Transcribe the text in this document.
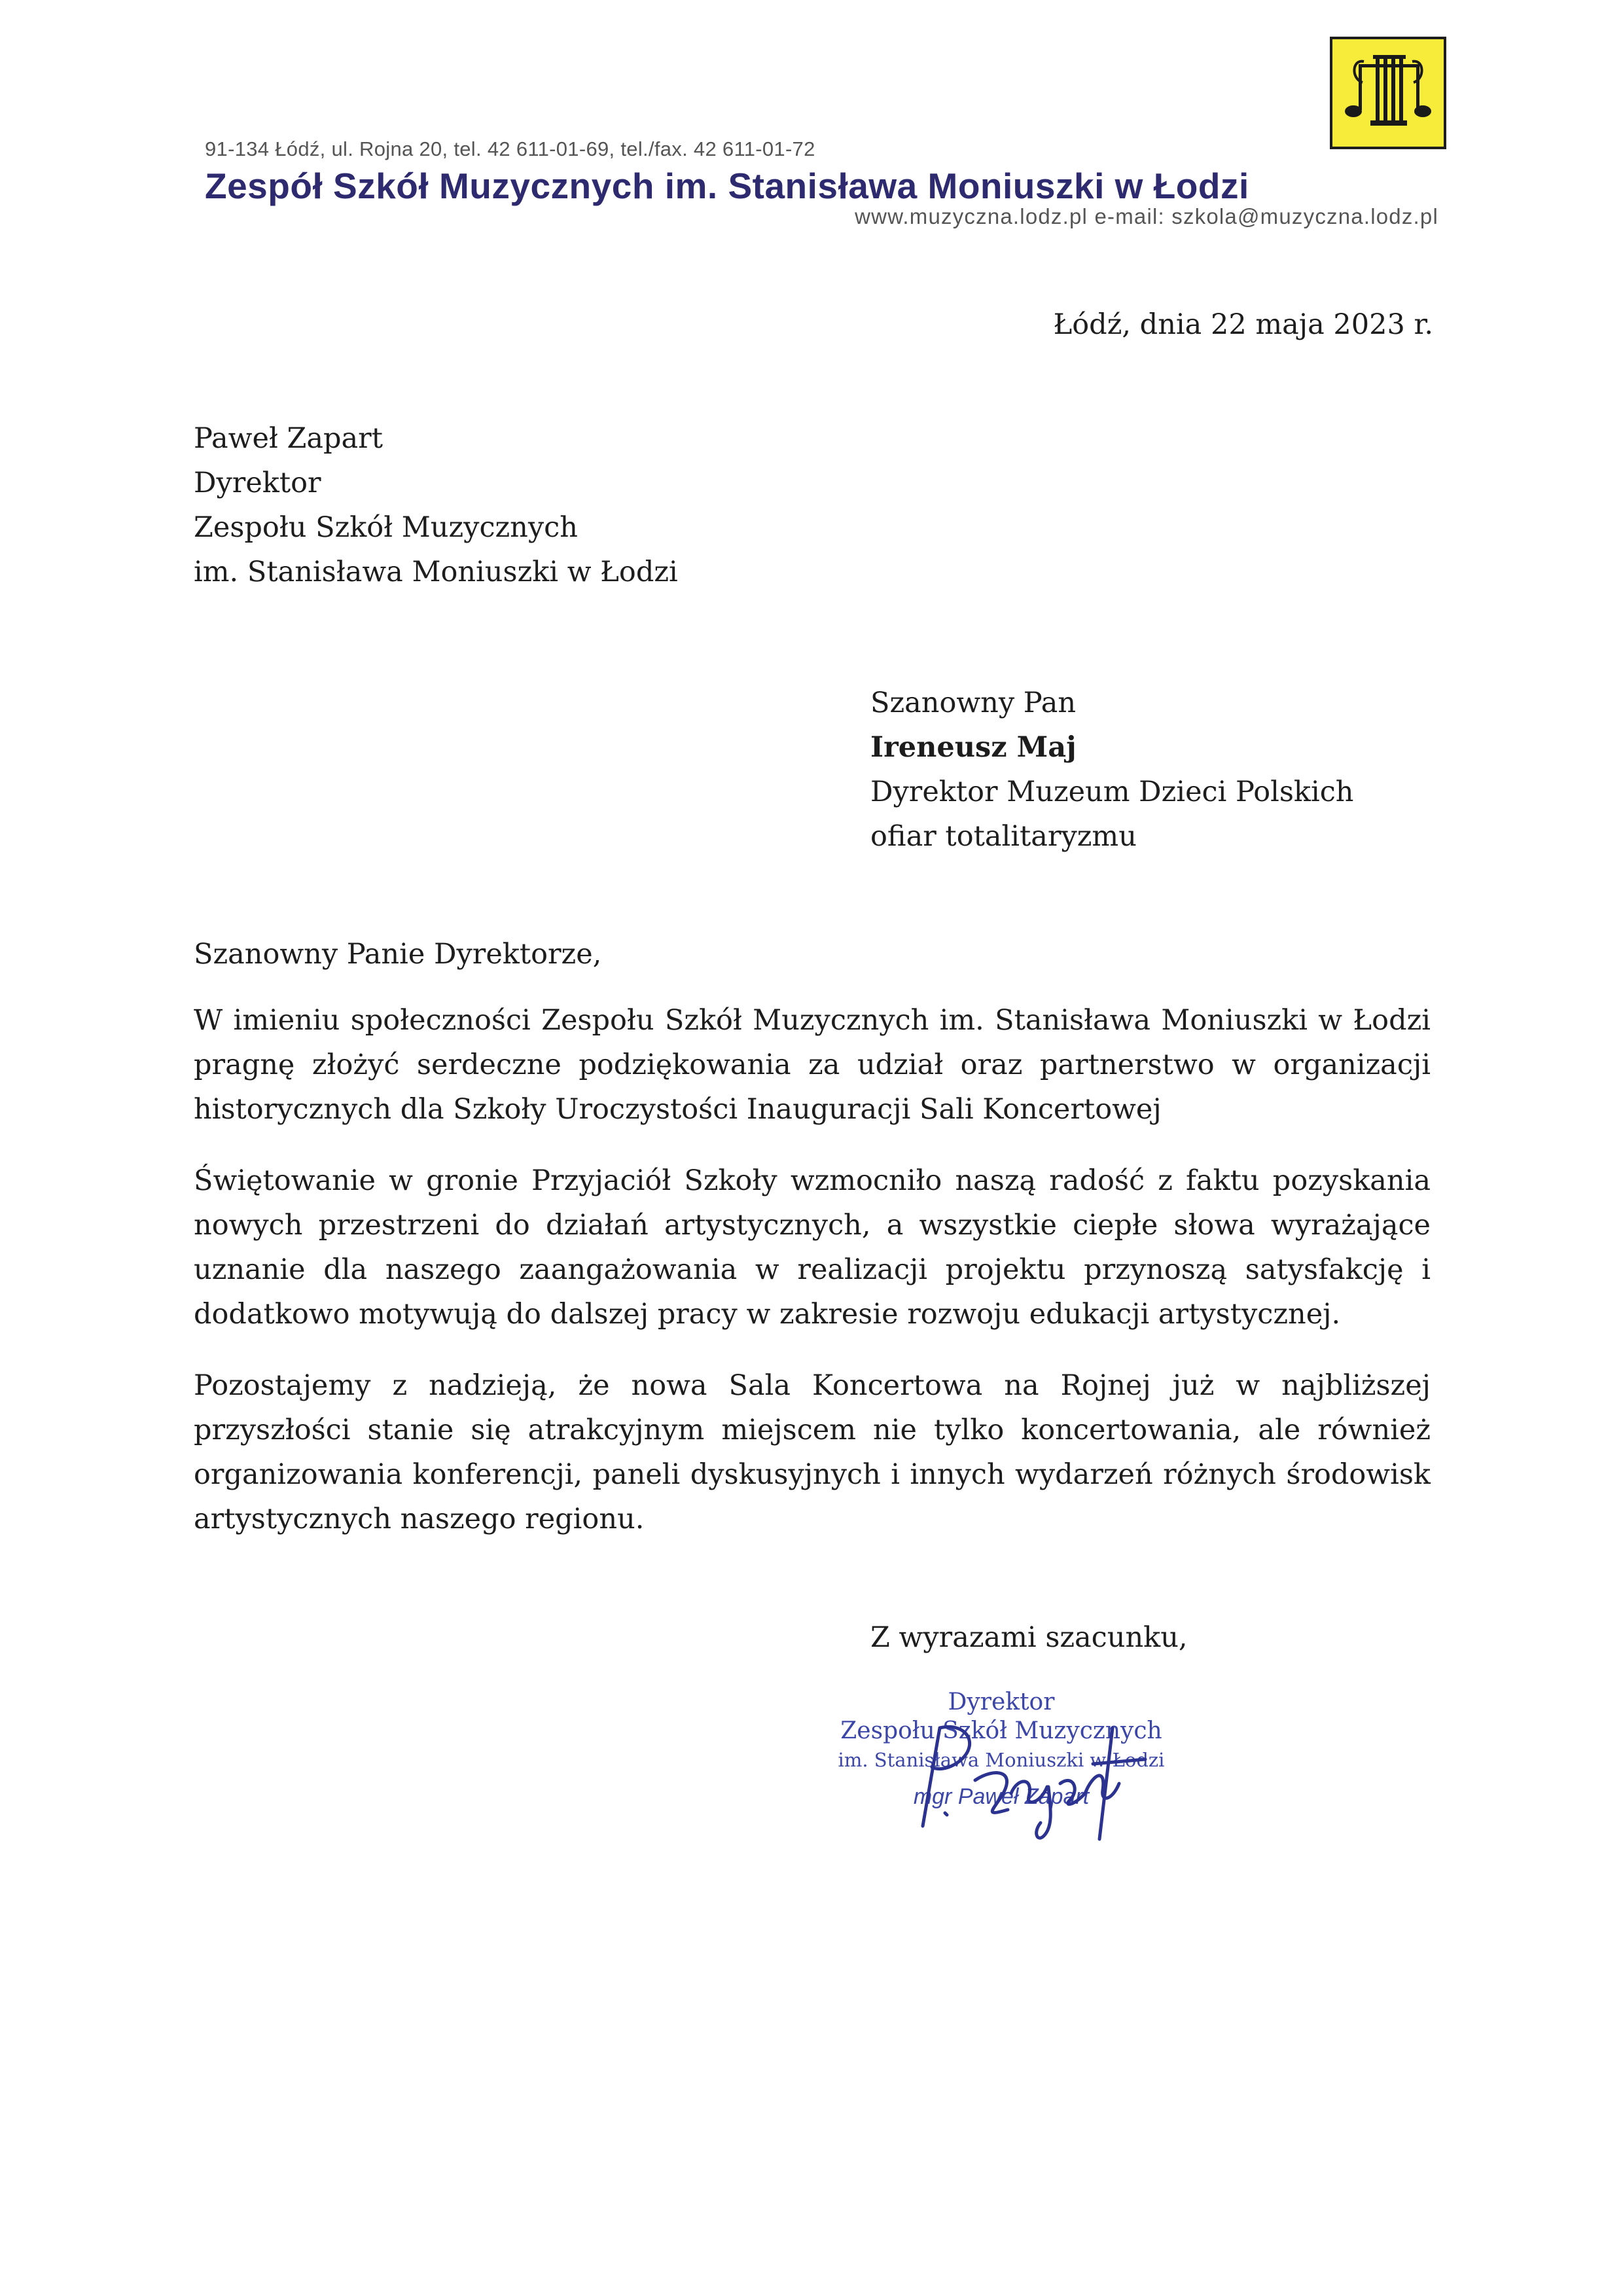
91-134 Łódź, ul. Rojna 20, tel. 42 611-01-69, tel./fax. 42 611-01-72
Zespół Szkół Muzycznych im. Stanisława Moniuszki w Łodzi
www.muzyczna.lodz.pl e-mail: szkola@muzyczna.lodz.pl
Łódź, dnia 22 maja 2023 r.
Paweł Zapart
Dyrektor
Zespołu Szkół Muzycznych
im. Stanisława Moniuszki w Łodzi
Szanowny Pan
Ireneusz Maj
Dyrektor Muzeum Dzieci Polskich
ofiar totalitaryzmu
Szanowny Panie Dyrektorze,
W imieniu społeczności Zespołu Szkół Muzycznych im. Stanisława Moniuszki w Łodzi pragnę złożyć serdeczne podziękowania za udział oraz partnerstwo w organizacji historycznych dla Szkoły Uroczystości Inauguracji Sali Koncertowej
Świętowanie w gronie Przyjaciół Szkoły wzmocniło naszą radość z faktu pozyskania nowych przestrzeni do działań artystycznych, a wszystkie ciepłe słowa wyrażające uznanie dla naszego zaangażowania w realizacji projektu przynoszą satysfakcję i dodatkowo motywują do dalszej pracy w zakresie rozwoju edukacji artystycznej.
Pozostajemy z nadzieją, że nowa Sala Koncertowa na Rojnej już w najbliższej przyszłości stanie się atrakcyjnym miejscem nie tylko koncertowania, ale również organizowania konferencji, paneli dyskusyjnych i innych wydarzeń różnych środowisk artystycznych naszego regionu.
Z wyrazami szacunku,
Dyrektor
Zespołu Szkół Muzycznych
im. Stanisława Moniuszki w Łodzi
mgr Paweł Zapart
